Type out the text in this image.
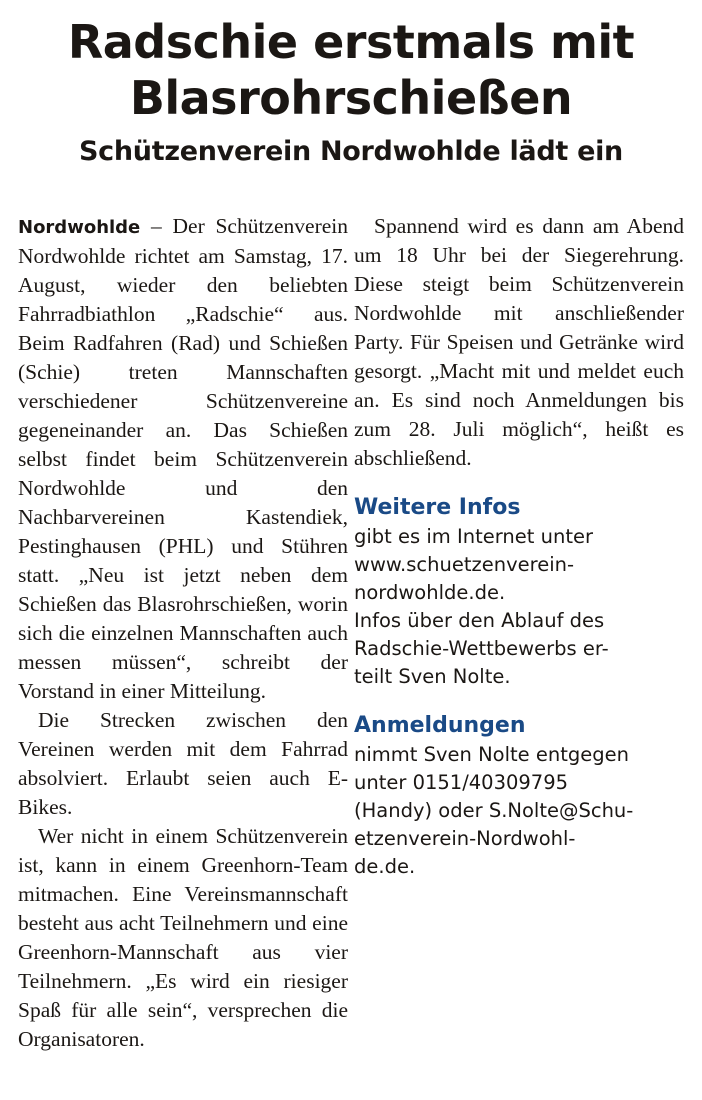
Radschie erstmals mit
Blasrohrschießen
Schützenverein Nordwohlde lädt ein

Nordwohlde – Der Schützenverein Nordwohlde richtet am Samstag, 17. August, wieder den beliebten Fahrradbiathlon „Radschie“ aus. Beim Radfahren (Rad) und Schießen (Schie) treten Mannschaften verschiedener Schützenvereine gegeneinander an. Das Schießen selbst findet beim Schützenverein Nordwohlde und den Nachbarvereinen Kastendiek, Pestinghausen (PHL) und Stühren statt. „Neu ist jetzt neben dem Schießen das Blasrohrschießen, worin sich die einzelnen Mannschaften auch messen müssen“, schreibt der Vorstand in einer Mitteilung.

Die Strecken zwischen den Vereinen werden mit dem Fahrrad absolviert. Erlaubt seien auch E-Bikes.

Wer nicht in einem Schützenverein ist, kann in einem Greenhorn-Team mitmachen. Eine Vereinsmannschaft besteht aus acht Teilnehmern und eine Greenhorn-Mannschaft aus vier Teilnehmern. „Es wird ein riesiger Spaß für alle sein“, versprechen die Organisatoren.

Spannend wird es dann am Abend um 18 Uhr bei der Siegerehrung. Diese steigt beim Schützenverein Nordwohlde mit anschließender Party. Für Speisen und Getränke wird gesorgt. „Macht mit und meldet euch an. Es sind noch Anmeldungen bis zum 28. Juli möglich“, heißt es abschließend.

Weitere Infos

gibt es im Internet unter
www.schuetzenverein-
nordwohlde.de.
Infos über den Ablauf des
Radschie-Wettbewerbs er-
teilt Sven Nolte.

Anmeldungen

nimmt Sven Nolte entgegen
unter 0151/40309795
(Handy) oder S.Nolte@Schu-
etzenverein-Nordwohl-
de.de.
